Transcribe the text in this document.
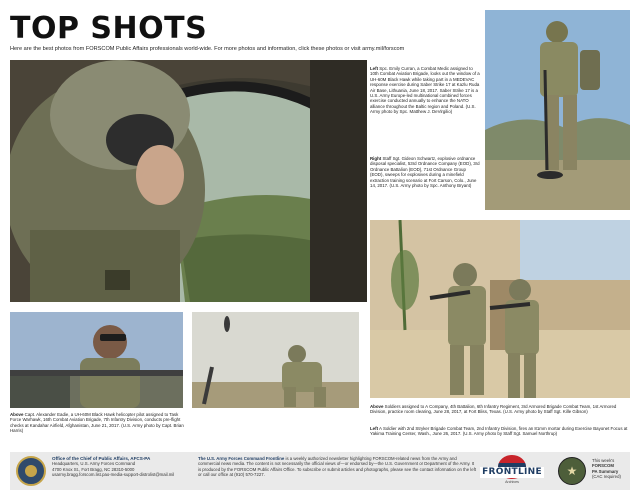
TOP SHOTS
Here are the best photos from FORSCOM Public Affairs professionals world-wide. For more photos and information, click these photos or visit army.mil/forscom
Left Spc. Emily Curran, a Combat Medic assigned to 10th Combat Aviation Brigade, looks out the window of a UH-60M Black Hawk while taking part in a MEDEVAC response exercise during Saber Strike 17 at Kazlu Ruda Air Base, Lithuania, June 18, 2017. Saber Strike 17 is a U.S. Army Europe-led multinational combined forces exercise conducted annually to enhance the NATO alliance throughout the Baltic region and Poland. (U.S. Army photo by Spc. Matthew J. DeVirgilio)
Right Staff Sgt. Gideon Schwartz, explosive ordnance disposal specialist, 53rd Ordnance Company (EOD), 3rd Ordnance Battalion (EOD), 71st Ordnance Group (EOD), sweeps for explosives during a minefield extraction training scenario at Fort Carson, Colo., June 14, 2017. (U.S. Army photo by Spc. Anthony Bryant)
Above Capt. Alexander Eadie, a UH-60M Black Hawk helicopter pilot assigned to Task Force Warhawk, 16th Combat Aviation Brigade, 7th Infantry Division, conducts pre-flight checks at Kandahar Airfield, Afghanistan, June 21, 2017. (U.S. Army photo by Capt. Brian Harris)
Above Soldiers assigned to A Company, 4th Battalion, 6th Infantry Regiment, 3rd Armored Brigade Combat Team, 1st Armored Division, practice room clearing, June 28, 2017, at Fort Bliss, Texas. (U.S. Army photo by Staff Sgt. Kille Gibson)
Left A Soldier with 2nd Stryker Brigade Combat Team, 2nd Infantry Division, fires an 81mm mortar during Exercise Bayonet Focus at Yakima Training Center, Wash., June 26, 2017. (U.S. Army photo by Staff Sgt. Samuel Northrup)
Office of the Chief of Public Affairs, AFCS-PA
Headquarters, U.S. Army Forces Command
4700 Knox St., Fort Bragg, NC 28310-5000
usarmy.bragg.forscom.list.pao-media-support-distrolist@mail.mil
The U.S. Army Forces Command Frontline is a weekly authorized newsletter highlighting FORSCOM-related news from the Army and commercial news media. The content is not necessarily the official views of—or endorsed by—the U.S. Government or Department of the Army. It is produced by the FORSCOM Public Affairs Office. To subscribe or submit articles and photographs, please see the contact information on the left or call our office at (910) 570-7227.	FRONTLINE
Archives
★
This week's
FORSCOM
PA Summary
(CAC required)
